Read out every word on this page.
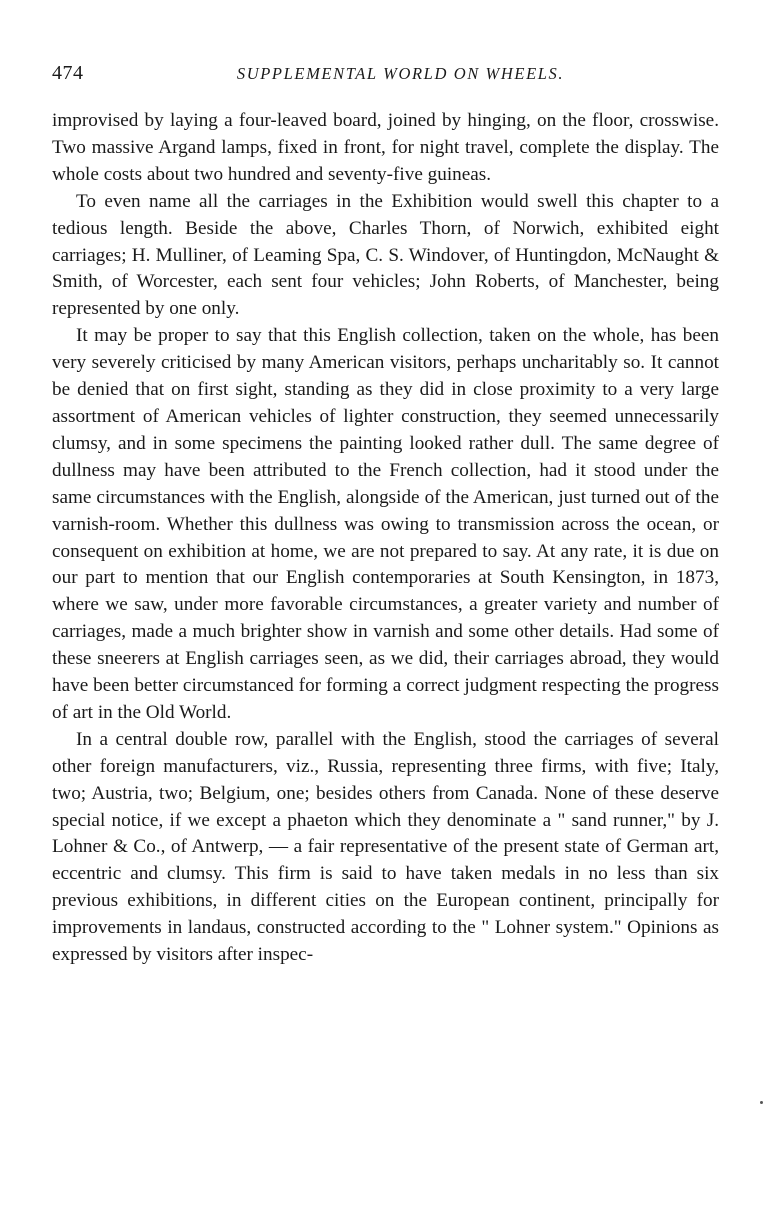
474	SUPPLEMENTAL WORLD ON WHEELS.

improvised by laying a four-leaved board, joined by hinging, on the floor, crosswise. Two massive Argand lamps, fixed in front, for night travel, complete the display. The whole costs about two hundred and seventy-five guineas.

To even name all the carriages in the Exhibition would swell this chapter to a tedious length. Beside the above, Charles Thorn, of Norwich, exhibited eight carriages; H. Mulliner, of Leaming Spa, C. S. Windover, of Huntingdon, McNaught & Smith, of Worcester, each sent four vehicles; John Roberts, of Manchester, being represented by one only.

It may be proper to say that this English collection, taken on the whole, has been very severely criticised by many American visitors, perhaps uncharitably so. It cannot be denied that on first sight, standing as they did in close proximity to a very large assortment of American vehicles of lighter construction, they seemed unnecessarily clumsy, and in some specimens the painting looked rather dull. The same degree of dullness may have been attributed to the French collection, had it stood under the same circumstances with the English, alongside of the American, just turned out of the varnish-room. Whether this dullness was owing to transmission across the ocean, or consequent on exhibition at home, we are not prepared to say. At any rate, it is due on our part to mention that our English contemporaries at South Kensington, in 1873, where we saw, under more favorable circumstances, a greater variety and number of carriages, made a much brighter show in varnish and some other details. Had some of these sneerers at English carriages seen, as we did, their carriages abroad, they would have been better circumstanced for forming a correct judgment respecting the progress of art in the Old World.

In a central double row, parallel with the English, stood the carriages of several other foreign manufacturers, viz., Russia, representing three firms, with five; Italy, two; Austria, two; Belgium, one; besides others from Canada. None of these deserve special notice, if we except a phaeton which they denominate a " sand runner," by J. Lohner & Co., of Antwerp, — a fair representative of the present state of German art, eccentric and clumsy. This firm is said to have taken medals in no less than six previous exhibitions, in different cities on the European continent, principally for improvements in landaus, constructed according to the " Lohner system." Opinions as expressed by visitors after inspec-
